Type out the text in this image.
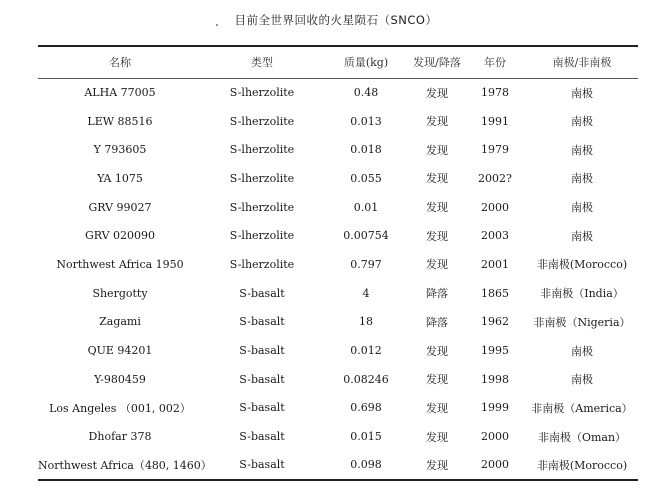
目前全世界回收的火星陨石（SNCO）
名称	类型	质量(kg)	发现/降落	年份	南极/非南极
ALHA 77005	S-lherzolite	0.48	发现	1978	南极
LEW 88516	S-lherzolite	0.013	发现	1991	南极
Y 793605	S-lherzolite	0.018	发现	1979	南极
YA 1075	S-lherzolite	0.055	发现	2002?	南极
GRV 99027	S-lherzolite	0.01	发现	2000	南极
GRV 020090	S-lherzolite	0.00754	发现	2003	南极
Northwest Africa 1950	S-lherzolite	0.797	发现	2001	非南极(Morocco)
Shergotty	S-basalt	4	降落	1865	非南极（India）
Zagami	S-basalt	18	降落	1962	非南极（Nigeria）
QUE 94201	S-basalt	0.012	发现	1995	南极
Y-980459	S-basalt	0.08246	发现	1998	南极
Los Angeles （001, 002）	S-basalt	0.698	发现	1999	非南极（America）
Dhofar 378	S-basalt	0.015	发现	2000	非南极（Oman）
Northwest Africa（480, 1460）	S-basalt	0.098	发现	2000	非南极(Morocco)
